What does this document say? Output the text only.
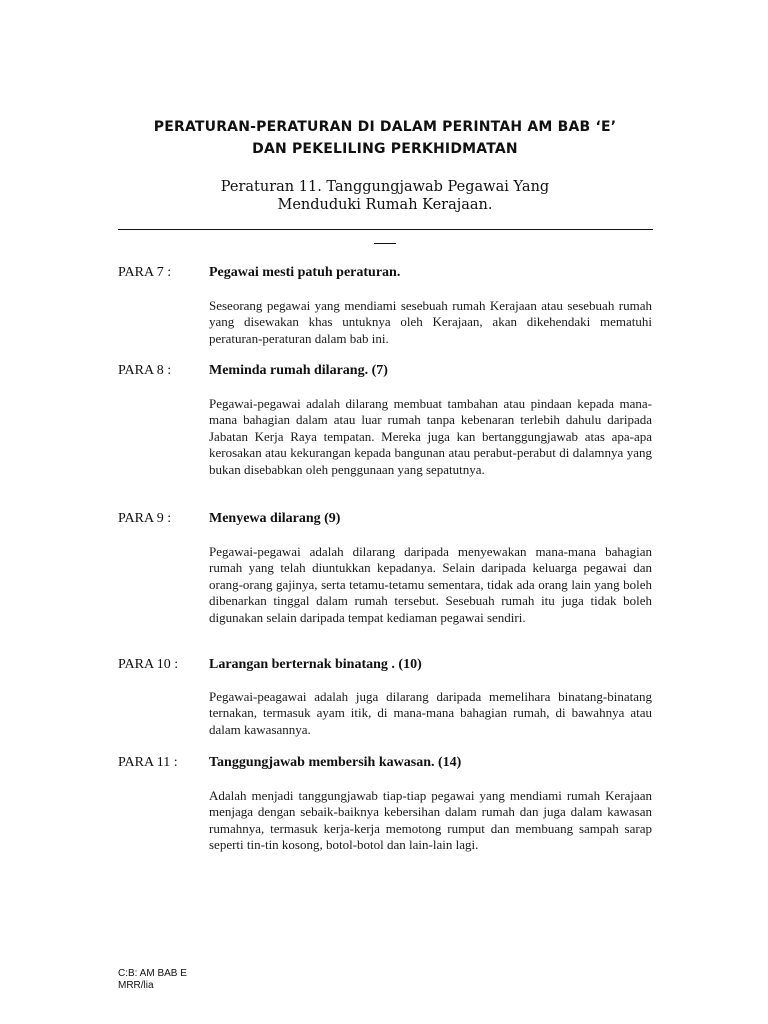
PERATURAN-PERATURAN DI DALAM PERINTAH AM BAB ‘E’
DAN PEKELILING PERKHIDMATAN
Peraturan 11. Tanggungjawab Pegawai Yang
Menduduki Rumah Kerajaan.
PARA 7 :	Pegawai mesti patuh peraturan.
Seseorang pegawai yang mendiami sesebuah rumah Kerajaan atau sesebuah rumah yang disewakan khas untuknya oleh Kerajaan, akan dikehendaki mematuhi peraturan-peraturan dalam bab ini.
PARA 8 :	Meminda rumah dilarang. (7)
Pegawai-pegawai adalah dilarang membuat tambahan atau pindaan kepada mana-mana bahagian dalam atau luar rumah tanpa kebenaran terlebih dahulu daripada Jabatan Kerja Raya tempatan. Mereka juga kan bertanggungjawab atas apa-apa kerosakan atau kekurangan kepada bangunan atau perabut-perabut di dalamnya yang bukan disebabkan oleh penggunaan yang sepatutnya.
PARA 9 :	Menyewa dilarang (9)
Pegawai-pegawai adalah dilarang daripada menyewakan mana-mana bahagian rumah yang telah diuntukkan kepadanya. Selain daripada keluarga pegawai dan orang-orang gajinya, serta tetamu-tetamu sementara, tidak ada orang lain yang boleh dibenarkan tinggal dalam rumah tersebut. Sesebuah rumah itu juga tidak boleh digunakan selain daripada tempat kediaman pegawai sendiri.
PARA 10 : Larangan berternak binatang . (10)
Pegawai-peagawai adalah juga dilarang daripada memelihara binatang-binatang ternakan, termasuk ayam itik, di mana-mana bahagian rumah, di bawahnya atau dalam kawasannya.
PARA 11 : Tanggungjawab membersih kawasan. (14)
Adalah menjadi tanggungjawab tiap-tiap pegawai yang mendiami rumah Kerajaan menjaga dengan sebaik-baiknya kebersihan dalam rumah dan juga dalam kawasan rumahnya, termasuk kerja-kerja memotong rumput dan membuang sampah sarap seperti tin-tin kosong, botol-botol dan lain-lain lagi.
C:B: AM BAB E
MRR/lia
